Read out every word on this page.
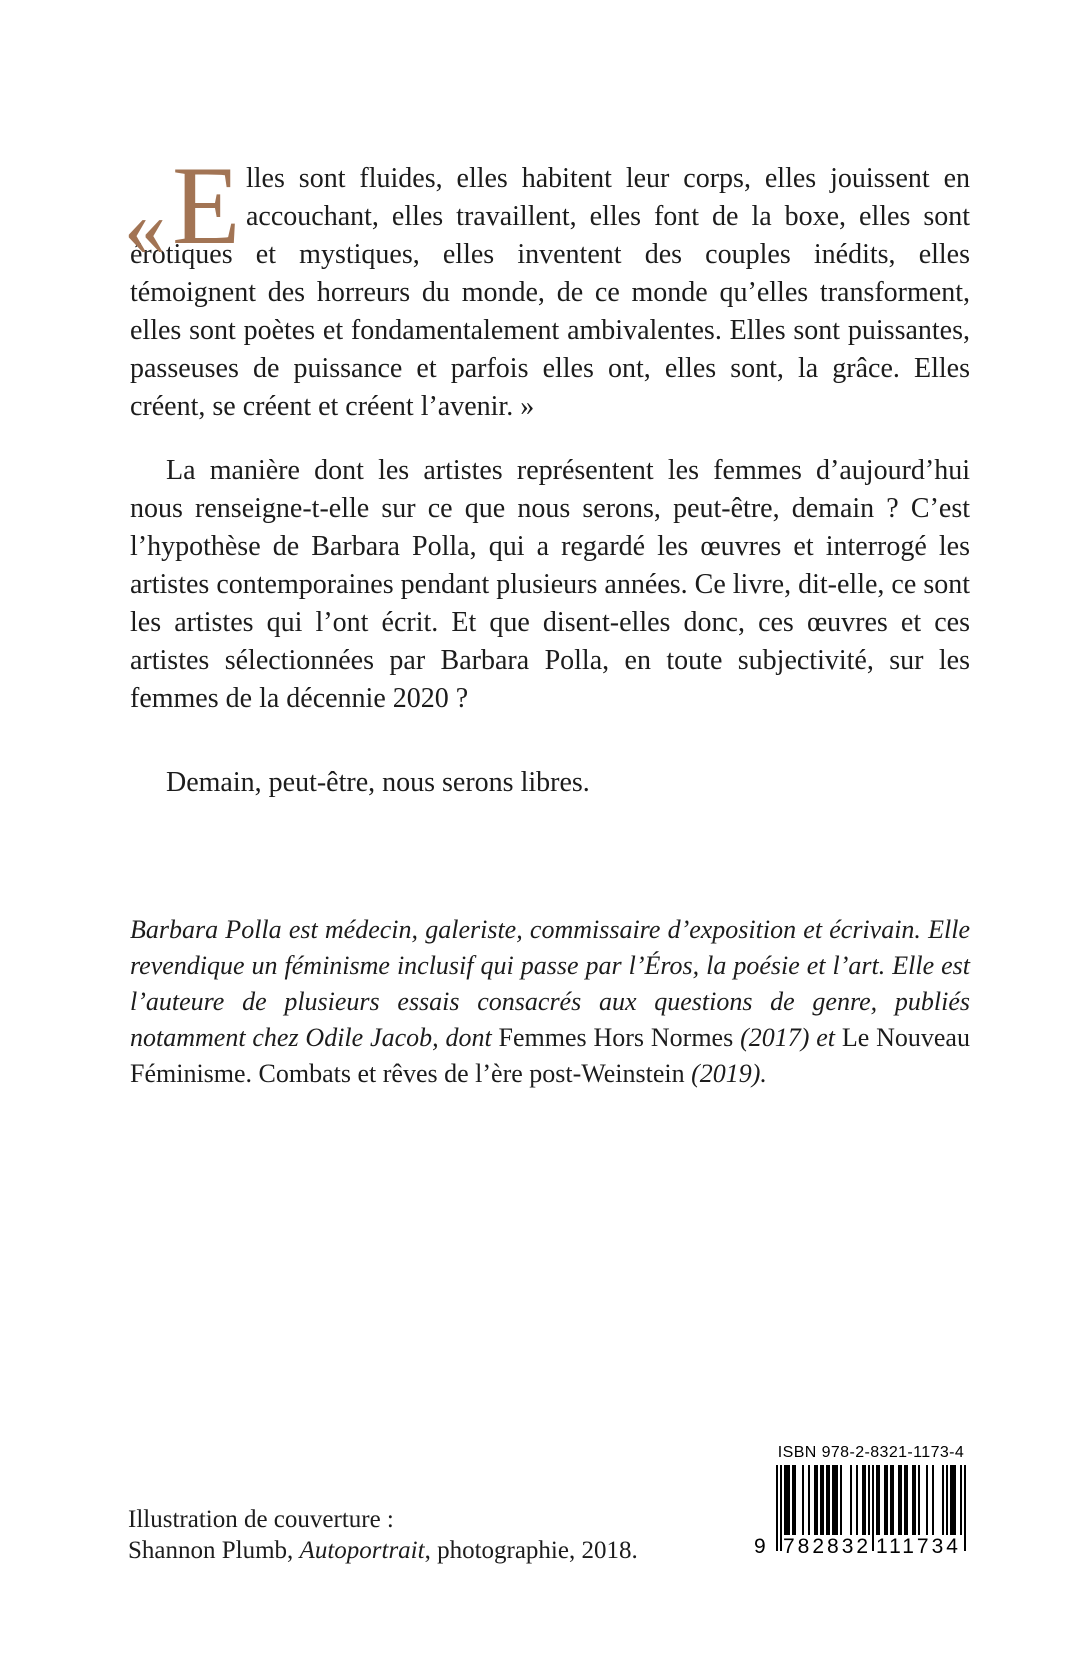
« E lles sont fluides, elles habitent leur corps, elles jouissent en accouchant, elles travaillent, elles font de la boxe, elles sont érotiques et mystiques, elles inventent des couples inédits, elles témoignent des horreurs du monde, de ce monde qu’elles transforment, elles sont poètes et fondamentalement ambivalentes. Elles sont puissantes, passeuses de puissance et parfois elles ont, elles sont, la grâce. Elles créent, se créent et créent l’avenir. »
La manière dont les artistes représentent les femmes d’aujourd’hui nous renseigne-t-elle sur ce que nous serons, peut-être, demain ? C’est l’hypothèse de Barbara Polla, qui a regardé les œuvres et interrogé les artistes contemporaines pendant plusieurs années. Ce livre, dit-elle, ce sont les artistes qui l’ont écrit. Et que disent-elles donc, ces œuvres et ces artistes sélectionnées par Barbara Polla, en toute subjectivité, sur les femmes de la décennie 2020 ?
Demain, peut-être, nous serons libres.
Barbara Polla est médecin, galeriste, commissaire d’exposition et écrivain. Elle revendique un féminisme inclusif qui passe par l’Éros, la poésie et l’art. Elle est l’auteure de plusieurs essais consacrés aux questions de genre, publiés notamment chez Odile Jacob, dont Femmes Hors Normes (2017) et Le Nouveau Féminisme. Combats et rêves de l’ère post-Weinstein (2019).
Illustration de couverture :
Shannon Plumb, Autoportrait, photographie, 2018.
ISBN 978-2-8321-1173-4
9 782832 111734
